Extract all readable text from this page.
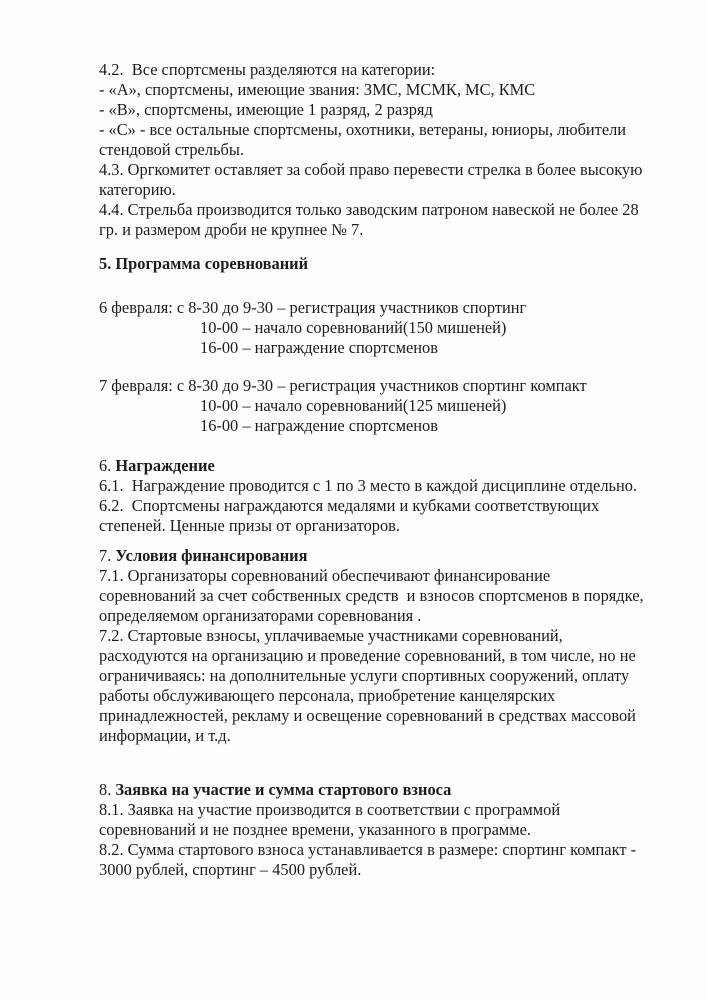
4.2.  Все спортсмены разделяются на категории:
- «А», спортсмены, имеющие звания: ЗМС, МСМК, МС, КМС
- «В», спортсмены, имеющие 1 разряд, 2 разряд
- «С» - все остальные спортсмены, охотники, ветераны, юниоры, любители
стендовой стрельбы.
4.3. Оргкомитет оставляет за собой право перевести стрелка в более высокую
категорию.
4.4. Стрельба производится только заводским патроном навеской не более 28
гр. и размером дроби не крупнее № 7.
5. Программа соревнований
6 февраля: с 8-30 до 9-30 – регистрация участников спортинг
10-00 – начало соревнований(150 мишеней)
16-00 – награждение спортсменов
7 февраля: с 8-30 до 9-30 – регистрация участников спортинг компакт
10-00 – начало соревнований(125 мишеней)
16-00 – награждение спортсменов
6. Награждение
6.1.  Награждение проводится с 1 по 3 место в каждой дисциплине отдельно.
6.2.  Спортсмены награждаются медалями и кубками соответствующих
степеней. Ценные призы от организаторов.
7. Условия финансирования
7.1. Организаторы соревнований обеспечивают финансирование
соревнований за счет собственных средств  и взносов спортсменов в порядке,
определяемом организаторами соревнования .
7.2. Стартовые взносы, уплачиваемые участниками соревнований,
расходуются на организацию и проведение соревнований, в том числе, но не
ограничиваясь: на дополнительные услуги спортивных сооружений, оплату
работы обслуживающего персонала, приобретение канцелярских
принадлежностей, рекламу и освещение соревнований в средствах массовой
информации, и т.д.
8. Заявка на участие и сумма стартового взноса
8.1. Заявка на участие производится в соответствии с программой
соревнований и не позднее времени, указанного в программе.
8.2. Сумма стартового взноса устанавливается в размере: спортинг компакт -
3000 рублей, спортинг – 4500 рублей.
